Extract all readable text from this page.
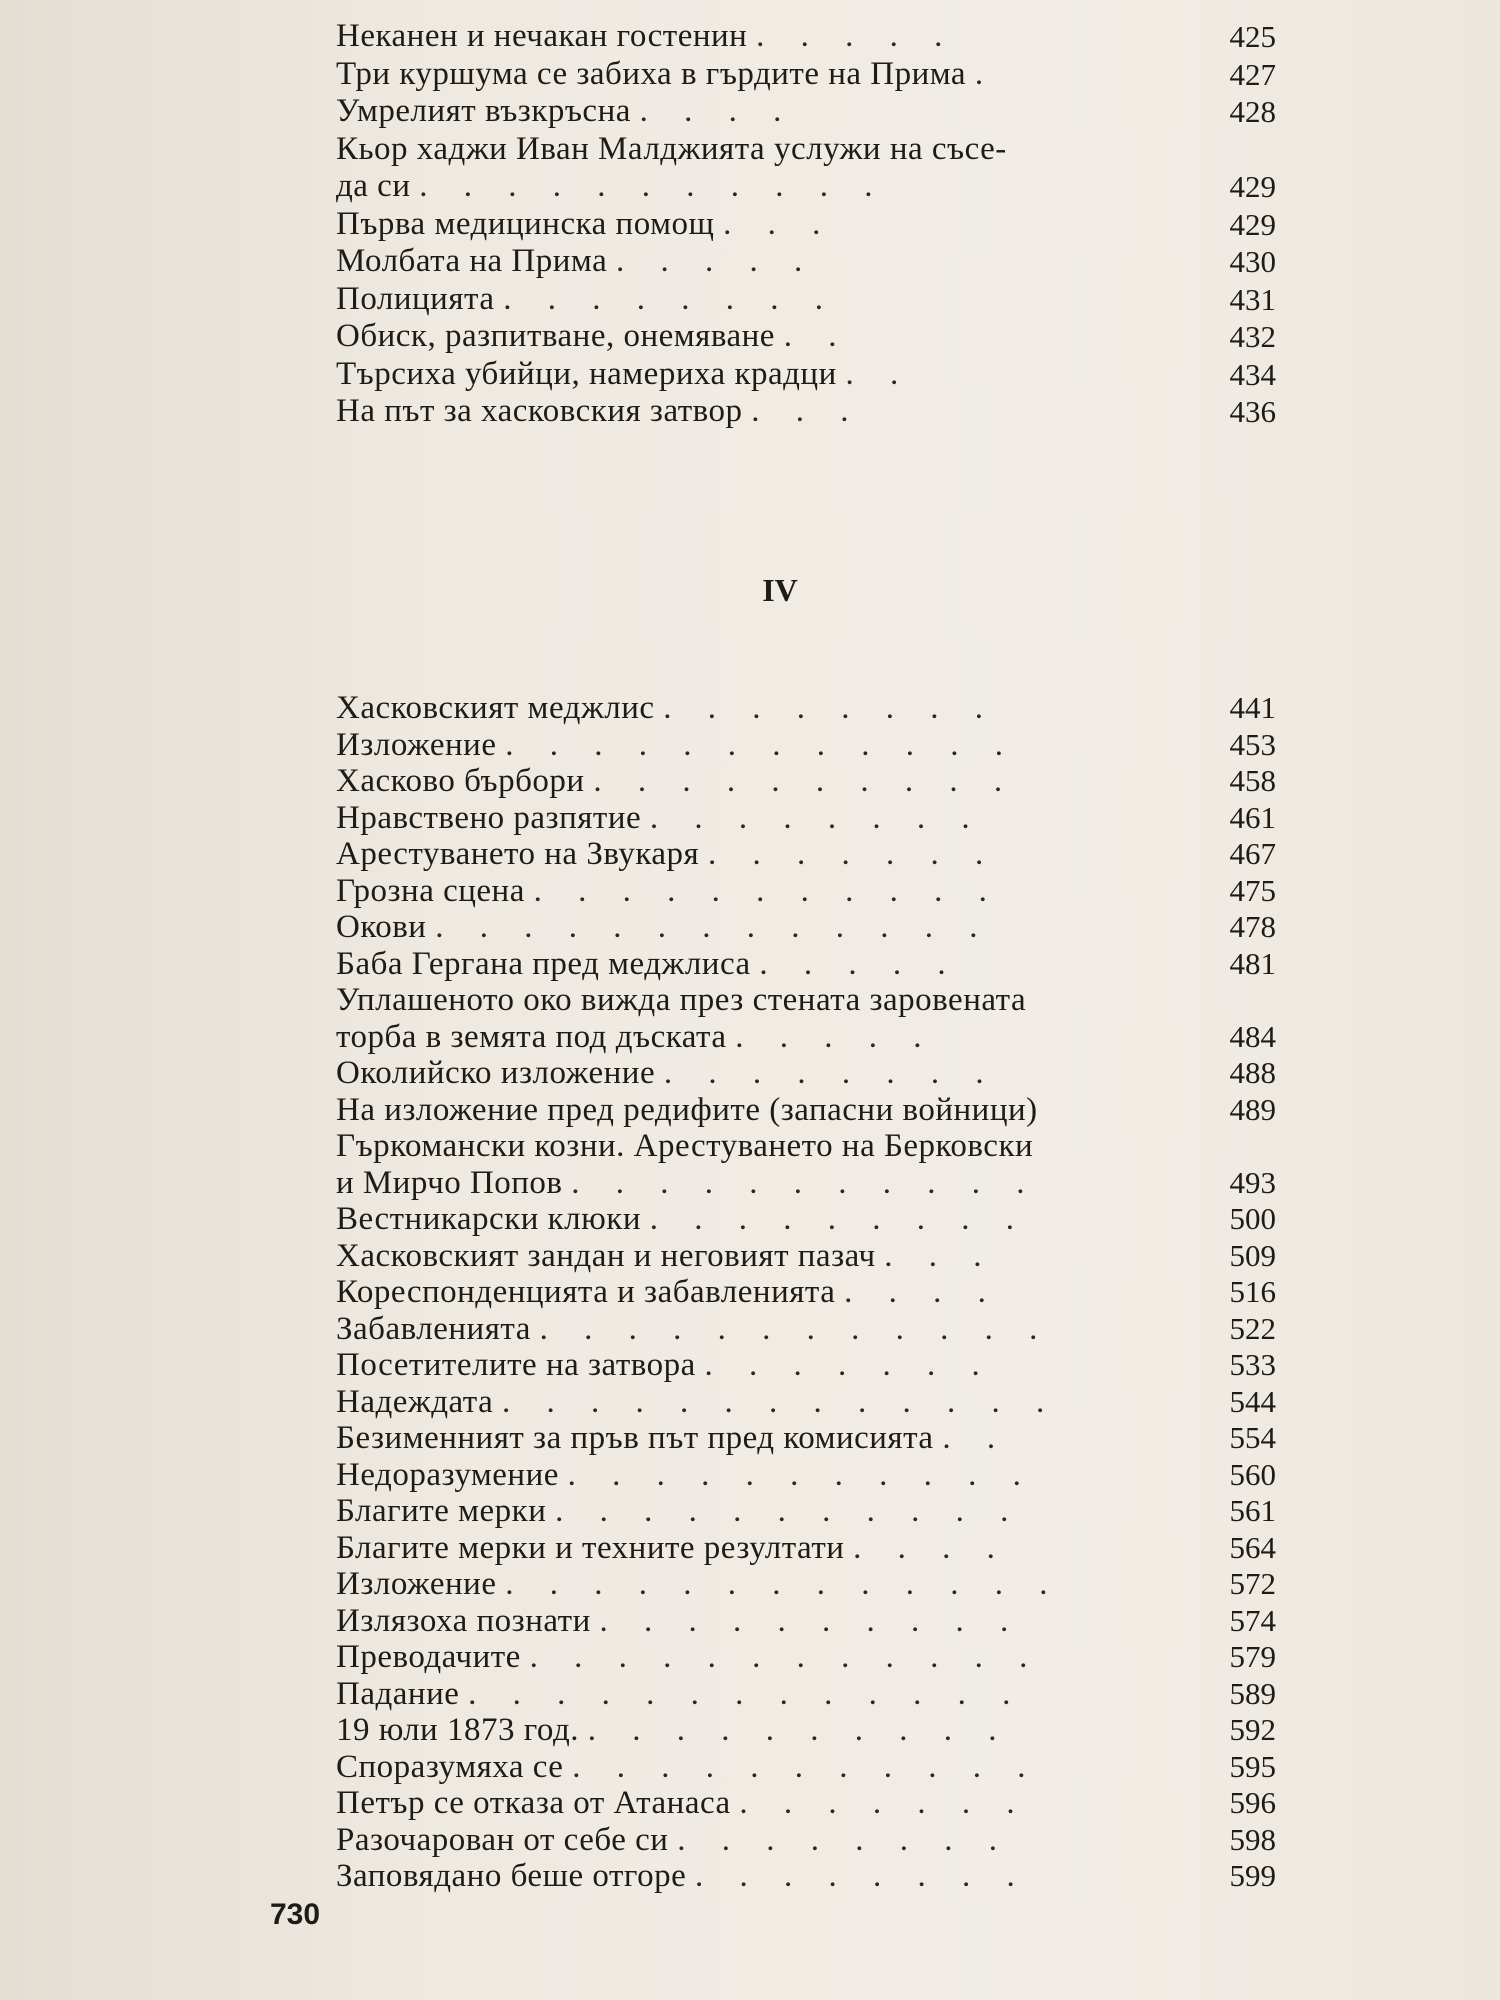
Неканен и нечакан гостенин . . . . .	425
Три куршума се забиха в гърдите на Прима .	427
Умрелият възкръсна . . . .	428
Кьор хаджи Иван Малджията услужи на съсе-
да си . . . . . . . . . . .	429
Първа медицинска помощ . . .	429
Молбата на Прима . . . . .	430
Полицията . . . . . . . .	431
Обиск, разпитване, онемяване . .	432
Търсиха убийци, намериха крадци . .	434
На път за хасковския затвор . . .	436
IV
Хасковският меджлис . . . . . . . .	441
Изложение . . . . . . . . . . . .	453
Хасково бърбори . . . . . . . . . .	458
Нравствено разпятие . . . . . . . .	461
Арестуването на Звукаря . . . . . . .	467
Грозна сцена . . . . . . . . . . .	475
Окови . . . . . . . . . . . . .	478
Баба Гергана пред меджлиса . . . . .	481
Уплашеното око вижда през стената заровената
торба в земята под дъската . . . . .	484
Околийско изложение . . . . . . . .	488
На изложение пред редифите (запасни войници)	489
Гъркомански козни. Арестуването на Берковски
и Мирчо Попов . . . . . . . . . . .	493
Вестникарски клюки . . . . . . . . .	500
Хасковският зандан и неговият пазач . . .	509
Кореспонденцията и забавленията . . . .	516
Забавленията . . . . . . . . . . . .	522
Посетителите на затвора . . . . . . .	533
Надеждата . . . . . . . . . . . . .	544
Безименният за пръв път пред комисията . .	554
Недоразумение . . . . . . . . . . .	560
Благите мерки . . . . . . . . . . .	561
Благите мерки и техните резултати . . . .	564
Изложение . . . . . . . . . . . . .	572
Излязоха познати . . . . . . . . . .	574
Преводачите . . . . . . . . . . . .	579
Падание . . . . . . . . . . . . .	589
19 юли 1873 год. . . . . . . . . . .	592
Споразумяха се . . . . . . . . . . .	595
Петър се отказа от Атанаса . . . . . . .	596
Разочарован от себе си . . . . . . . .	598
Заповядано беше отгоре . . . . . . . .	599
730
